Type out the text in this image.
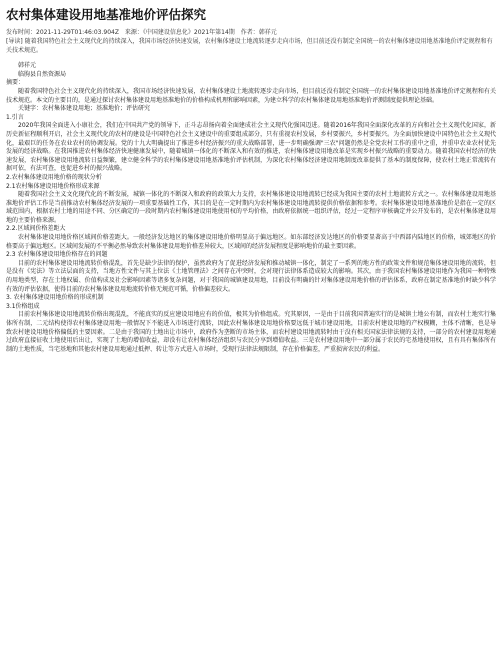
农村集体建设用地基准地价评估探究
发布时间：2021-11-29T01:46:03.904Z 来源：《中国建设信息化》2021年第14期 作者：韩祥元
[导读] 随着我国特色社会主义现代化的持续深入，我国市场经济快速发展，农村集体建设土地流转逐步走向市场，但目前还没有制定全国统一的农村集体建设用地基准地价评定规程和有关技术规范。
韩祥元
临朐县自然资源局
摘要：

随着我国特色社会主义现代化的持续深入，我国市场经济快速发展，农村集体建设土地流转逐步走向市场，但目前还没有制定全国统一的农村集体建设用地基准地价评定规程和有关技术规范。本文的主要目的，是通过探讨农村集体建设用地基准地价的价格构成机理和影响因素，为建立科学的农村集体建设用地基准地价评测制度提供理论基础。

关键字：农村集体建设用地；基准地价；评估研究
1.引言

2020年我国全面进入小康社会，我们在中国共产党的领导下，正斗志昂扬向着全面建成社会主义现代化强国迈进。随着2016年我国全面深化改革的方向和社会主义现代化国家，新历史新征程顺利开启，社会主义现代化的农村的建设是中国特色社会主义建设中的重要组成部分，只有重视农村发展，乡村要振兴，乡村要振兴。为全面加快建设中国特色社会主义现代化，最艰巨的任务在农业农村的协调发展。党的十九大明确提出了推进乡村经济振兴的重大战略部署，进一步明确强调"三农"问题仍然是全党农村工作的重中之重，并重申农业农村优先发展的经济战略。在我国推进农村集体经济快速健康发展中，随着城镇一体化的不断深入和有效的推进，农村集体建设用地改革是实现乡村振兴战略的重要动力。随着我国农村经济的快速发展，农村集体建设用地流转日益频繁，建立健全科学的农村集体建设用地基准地价评估机制，为深化农村集体经济建设用地制度改革提供了基本的制度保障，使农村土地正常流转有据可依，有法可查，也促进乡村的振兴战略。

2.农村集体建设用地价格的现状分析
2.1农村集体建设用地价格形成来源

随着我国社会主义文化现代化的不断发展，城镇一体化的不断深入和政府的政策大力支持，农村集体建设用地流转已经成为我国主要的农村土地流转方式之一。农村集体建设用地基准地价评估工作是当前推动农村集体经济发展的一项重要基础性工作，其目的是在一定时期内为农村集体建设用地流转提供价格依据和参考。农村集体建设用地基准地价是指在一定的区域范围内，根据农村土地的用途不同、分区确定的一段时期内农村集体建设用地使用权的平均价格，由政府依据统一组织评估，经过一定程序审核确定并公开发布的，是农村集体建设用地的主要价格来源。

2.2.区域间价格差距大

农村集体建设用地价格区域间价格差距大。一般经济发达地区的集体建设用地价格明显高于偏远地区。如东部经济发达地区的价格要显著高于中西部内陆地区的价格，城郊地区的价格要高于偏远地区。区域间发展的不平衡必然导致农村集体建设用地价格差异较大，区域间的经济发展程度是影响地价的最主要因素。

2.3 农村集体建设用地价格存在的问题

目前的农村集体建设用地流转价格混乱，首先是缺少法律的保护，虽然政府为了促进经济发展和推动城镇一体化，制定了一系列的地方性的政策文件和规范集体建设用地的流转，但是没有《宪法》等立法层面的支持，当地方性文件与其上位法《土地管理法》之间存在冲突时，会对现行法律体系造成较大的影响。其次，由于我国农村集体建设用地作为我国一种特殊的用地类型，存在土地权属、价值构成及社会影响因素等诸多复杂问题，对于我国的城镇建设用地，目前没有明确的针对集体建设用地价格的评估体系，政府在制定基准地价时缺少科学有效的评估依据，使得目前的农村集体建设用地流转价格无规范可循，价格偏差较大。

3. 农村集体建设用地价格的形成机制
3.1价格组成

目前农村集体建设用地流转价格出现混乱，不能真实的反应建设用地应有的价值，极其为价格组成。究其原因，一是由于目前我国普遍实行的是城镇土地公有制，而农村土地实行集体所有制，二元结构使得农村集体建设用地一般情况下不能进入市场进行流转，因此农村集体建设用地价格要远低于城市建设用地，目前农村建设用地的产权模糊，主体不清晰，也是导致农村建设用地价格偏低的主要因素。二是由于我国的土地出让市场中，政府作为垄断的市场主体，而农村建设用地流转时由于没有相关国家法律法规的支持，一部分的农村建设用地通过政府直接征收土地使用后出让，实现了土地的增值收益，却没有让农村集体经济组织与农民分享到增值收益。三是农村建设用地中一部分属于农民的宅基地使用权，且有具有集体所有制的土地性质，当宅基地和其他农村建设用地通过抵押、转让等方式进入市场时，受现行法律法规限制，存在价格偏差，严重损害农民的利益。
